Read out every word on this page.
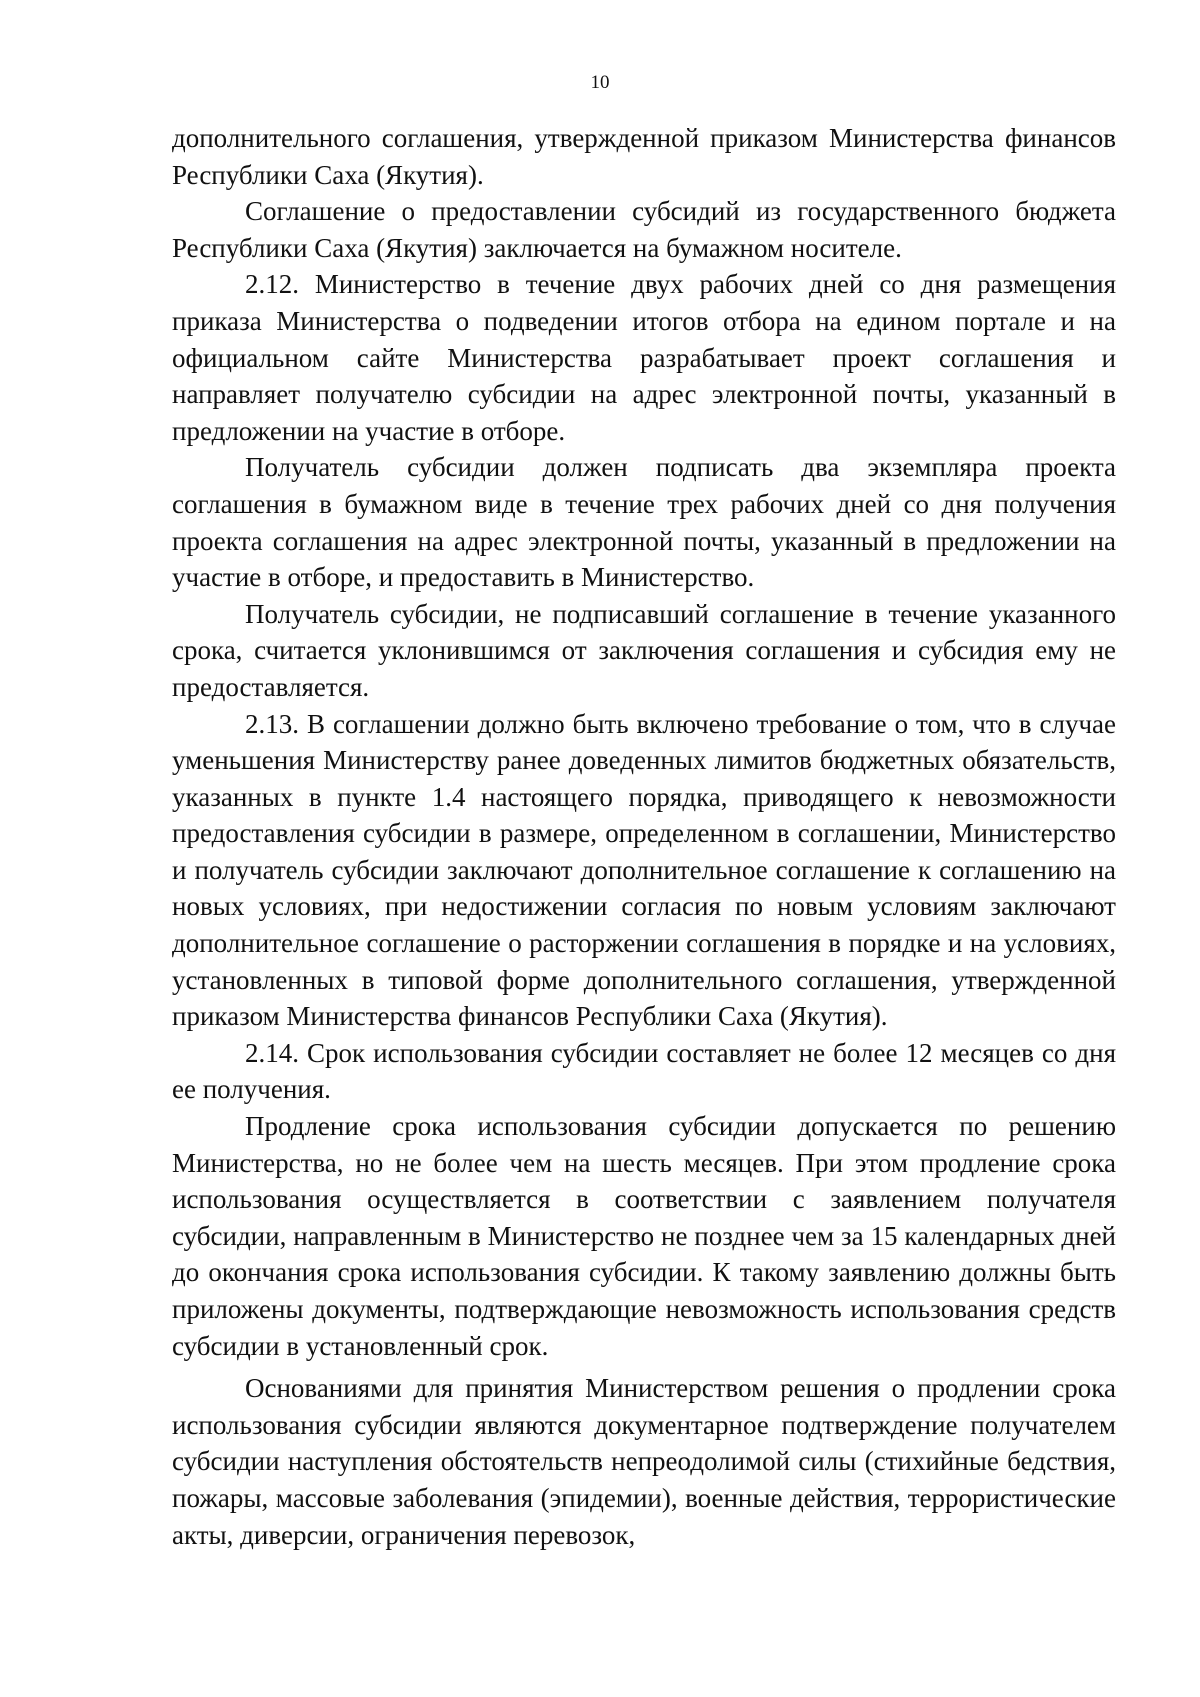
10

дополнительного соглашения, утвержденной приказом Министерства финансов Республики Саха (Якутия).

Соглашение о предоставлении субсидий из государственного бюджета Республики Саха (Якутия) заключается на бумажном носителе.

2.12. Министерство в течение двух рабочих дней со дня размещения приказа Министерства о подведении итогов отбора на едином портале и на официальном сайте Министерства разрабатывает проект соглашения и направляет получателю субсидии на адрес электронной почты, указанный в предложении на участие в отборе.

Получатель субсидии должен подписать два экземпляра проекта соглашения в бумажном виде в течение трех рабочих дней со дня получения проекта соглашения на адрес электронной почты, указанный в предложении на участие в отборе, и предоставить в Министерство.

Получатель субсидии, не подписавший соглашение в течение указанного срока, считается уклонившимся от заключения соглашения и субсидия ему не предоставляется.

2.13. В соглашении должно быть включено требование о том, что в случае уменьшения Министерству ранее доведенных лимитов бюджетных обязательств, указанных в пункте 1.4 настоящего порядка, приводящего к невозможности предоставления субсидии в размере, определенном в соглашении, Министерство и получатель субсидии заключают дополнительное соглашение к соглашению на новых условиях, при недостижении согласия по новым условиям заключают дополнительное соглашение о расторжении соглашения в порядке и на условиях, установленных в типовой форме дополнительного соглашения, утвержденной приказом Министерства финансов Республики Саха (Якутия).

2.14. Срок использования субсидии составляет не более 12 месяцев со дня ее получения.

Продление срока использования субсидии допускается по решению Министерства, но не более чем на шесть месяцев. При этом продление срока использования осуществляется в соответствии с заявлением получателя субсидии, направленным в Министерство не позднее чем за 15 календарных дней до окончания срока использования субсидии. К такому заявлению должны быть приложены документы, подтверждающие невозможность использования средств субсидии в установленный срок.

Основаниями для принятия Министерством решения о продлении срока использования субсидии являются документарное подтверждение получателем субсидии наступления обстоятельств непреодолимой силы (стихийные бедствия, пожары, массовые заболевания (эпидемии), военные действия, террористические акты, диверсии, ограничения перевозок,
